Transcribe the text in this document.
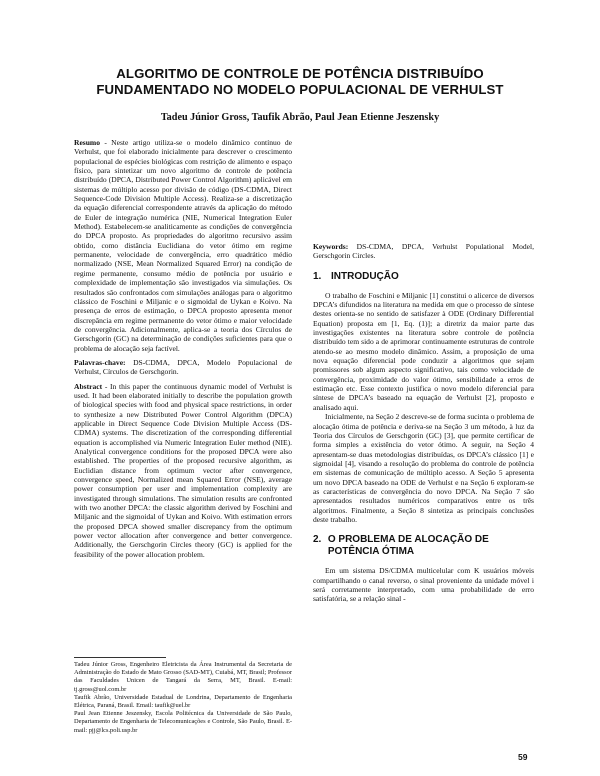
ALGORITMO DE CONTROLE DE POTÊNCIA DISTRIBUÍDO FUNDAMENTADO NO MODELO POPULACIONAL DE VERHULST
Tadeu Júnior Gross, Taufik Abrão, Paul Jean Etienne Jeszensky

Resumo - Neste artigo utiliza-se o modelo dinâmico contínuo de Verhulst, que foi elaborado inicialmente para descrever o crescimento populacional de espécies biológicas com restrição de alimento e espaço físico, para sintetizar um novo algoritmo de controle de potência distribuído (DPCA, Distributed Power Control Algorithm) aplicável em sistemas de múltiplo acesso por divisão de código (DS-CDMA, Direct Sequence-Code Division Multiple Access). Realiza-se a discretização da equação diferencial correspondente através da aplicação do método de Euler de integração numérica (NIE, Numerical Integration Euler Method). Estabelecem-se analiticamente as condições de convergência do DPCA proposto. As propriedades do algoritmo recursivo assim obtido, como distância Euclidiana do vetor ótimo em regime permanente, velocidade de convergência, erro quadrático médio normalizado (NSE, Mean Normalized Squared Error) na condição de regime permanente, consumo médio de potência por usuário e complexidade de implementação são investigados via simulações. Os resultados são confrontados com simulações análogas para o algoritmo clássico de Foschini e Miljanic e o sigmoidal de Uykan e Koivo. Na presença de erros de estimação, o DPCA proposto apresenta menor discrepância em regime permanente do vetor ótimo e maior velocidade de convergência. Adicionalmente, aplica-se a teoria dos Círculos de Gerschgorin (GC) na determinação de condições suficientes para que o problema de alocação seja factível.

Palavras-chave: DS-CDMA, DPCA, Modelo Populacional de Verhulst, Círculos de Gerschgorin.

Abstract - In this paper the continuous dynamic model of Verhulst is used. It had been elaborated initially to describe the population growth of biological species with food and physical space restrictions, in order to synthesize a new Distributed Power Control Algorithm (DPCA) applicable in Direct Sequence Code Division Multiple Access (DS-CDMA) systems. The discretization of the corresponding differential equation is accomplished via Numeric Integration Euler method (NIE). Analytical convergence conditions for the proposed DPCA were also established. The properties of the proposed recursive algorithm, as Euclidian distance from optimum vector after convergence, convergence speed, Normalized mean Squared Error (NSE), average power consumption per user and implementation complexity are investigated through simulations. The simulation results are confronted with two another DPCA: the classic algorithm derived by Foschini and Miljanic and the sigmoidal of Uykan and Koivo. With estimation errors the proposed DPCA showed smaller discrepancy from the optimum power vector allocation after convergence and better convergence. Additionally, the Gerschgorin Circles theory (GC) is applied for the feasibility of the power allocation problem.

Tadeu Júnior Gross, Engenheiro Eletricista da Área Instrumental da Secretaria de Administração do Estado de Mato Grosso (SAD-MT), Cuiabá, MT, Brasil; Professor das Faculdades Unicen de Tangará da Serra, MT, Brasil. E-mail: tj.gross@uol.com.br

Taufik Abrão, Universidade Estadual de Londrina, Departamento de Engenharia Elétrica, Paraná, Brasil. Email: taufik@uel.br

Paul Jean Etienne Jeszensky, Escola Politécnica da Universidade de São Paulo, Departamento de Engenharia de Telecomunicações e Controle, São Paulo, Brasil. E-mail: pjj@lcs.poli.usp.br

Keywords: DS-CDMA, DPCA, Verhulst Populational Model, Gerschgorin Circles.

1. INTRODUÇÃO

O trabalho de Foschini e Miljanic [1] constitui o alicerce de diversos DPCA’s difundidos na literatura na medida em que o processo de síntese destes orienta-se no sentido de satisfazer à ODE (Ordinary Differential Equation) proposta em [1, Eq. (1)]; a diretriz da maior parte das investigações existentes na literatura sobre controle de potência distribuído tem sido a de aprimorar continuamente estruturas de controle atendo-se ao mesmo modelo dinâmico. Assim, a proposição de uma nova equação diferencial pode conduzir a algoritmos que sejam promissores sob algum aspecto significativo, tais como velocidade de convergência, proximidade do valor ótimo, sensibilidade a erros de estimação etc. Esse contexto justifica o novo modelo diferencial para síntese de DPCA’s baseado na equação de Verhulst [2], proposto e analisado aqui.

Inicialmente, na Seção 2 descreve-se de forma sucinta o problema de alocação ótima de potência e deriva-se na Seção 3 um método, à luz da Teoria dos Círculos de Gerschgorin (GC) [3], que permite certificar de forma simples a existência do vetor ótimo. A seguir, na Seção 4 apresentam-se duas metodologias distribuídas, os DPCA’s clássico [1] e sigmoidal [4], visando a resolução do problema do controle de potência em sistemas de comunicação de múltiplo acesso. A Seção 5 apresenta um novo DPCA baseado na ODE de Verhulst e na Seção 6 exploram-se as características de convergência do novo DPCA. Na Seção 7 são apresentados resultados numéricos comparativos entre os três algoritmos. Finalmente, a Seção 8 sintetiza as principais conclusões deste trabalho.

2. O PROBLEMA DE ALOCAÇÃO DE POTÊNCIA ÓTIMA

Em um sistema DS/CDMA multicelular com K usuários móveis compartilhando o canal reverso, o sinal proveniente da unidade móvel i será corretamente interpretado, com uma probabilidade de erro satisfatória, se a relação sinal -

59
